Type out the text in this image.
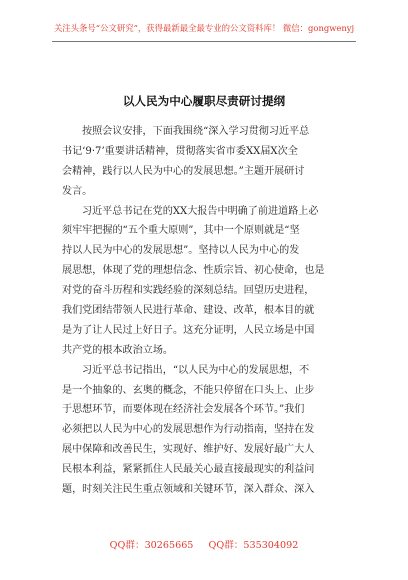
关注头条号“公文研究”，获得最新最全最专业的公文资料库！ 微信：gongwenyj
以人民为中心履职尽责研讨提纲

按照会议安排，下面我围绕“深入学习贯彻习近平总
书记‘9·7’重要讲话精神，贯彻落实省市委XX届X次全
会精神，践行以人民为中心的发展思想。”主题开展研讨
发言。

习近平总书记在党的XX大报告中明确了前进道路上必
须牢牢把握的“五个重大原则”，其中一个原则就是“坚
持以人民为中心的发展思想”。坚持以人民为中心的发
展思想，体现了党的理想信念、性质宗旨、初心使命，也是
对党的奋斗历程和实践经验的深刻总结。回望历史进程，
我们党团结带领人民进行革命、建设、改革，根本目的就
是为了让人民过上好日子。这充分证明，人民立场是中国
共产党的根本政治立场。

习近平总书记指出，“以人民为中心的发展思想，不
是一个抽象的、玄奥的概念，不能只停留在口头上、止步
于思想环节，而要体现在经济社会发展各个环节。”我们
必须把以人民为中心的发展思想作为行动指南，坚持在发
展中保障和改善民生，实现好、维护好、发展好最广大人
民根本利益，紧紧抓住人民最关心最直接最现实的利益问
题，时刻关注民生重点领域和关键环节，深入群众、深入

QQ群：30265665 QQ群：535304092
